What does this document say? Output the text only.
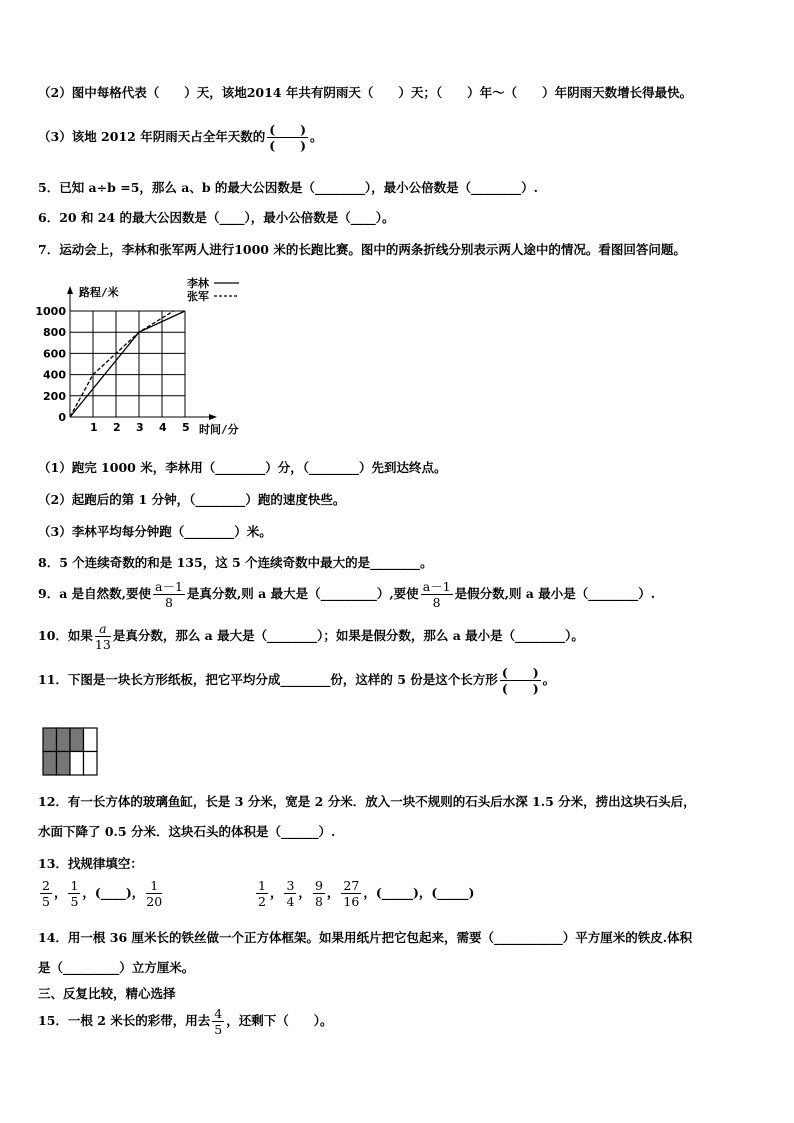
（2）图中每格代表（　　）天，该地2014 年共有阴雨天（　　）天；（　　）年～（　　）年阴雨天数增长得最快。
（3）该地 2012 年阴雨天占全年天数的 $\frac{( )}{( )}$ 。
5．已知 a÷b =5，那么 a、b 的最大公因数是（________），最小公倍数是（________）.
6．20 和 24 的最大公因数是（____），最小公倍数是（____）。
7．运动会上，李林和张军两人进行1000 米的长跑比赛。图中的两条折线分别表示两人途中的情况。看图回答问题。
1 2 3 4 5
0
200
400
600
800
1000
李林
张军
路程/米
时间/分
（1）跑完 1000 米，李林用（________）分，（________）先到达终点。
（2）起跑后的第 1 分钟，（________）跑的速度快些。
（3）李林平均每分钟跑（________）米。
8．5 个连续奇数的和是 135，这 5 个连续奇数中最大的是________。
9．a 是自然数,要使 $\frac{a-1}{8}$ 是真分数,则 a 最大是（_________）,要使 $\frac{a-1}{8}$ 是假分数,则 a 最小是（________）.
10．如果 $\frac{a}{13}$ 是真分数，那么 a 最大是（________）；如果是假分数，那么 a 最小是（________）。
11．下图是一块长方形纸板，把它平均分成________份，这样的 5 份是这个长方形 $\frac{( )}{( )}$ 。
12．有一长方体的玻璃鱼缸，长是 3 分米，宽是 2 分米．放入一块不规则的石头后水深 1.5 分米，捞出这块石头后，
水面下降了 0.5 分米．这块石头的体积是（______）.
13．找规律填空：
$\frac{2}{5}$ ， $\frac{1}{5}$ ，(____)， $\frac{1}{20}$	$\frac{1}{2}$ ， $\frac{3}{4}$ ， $\frac{9}{8}$ ， $\frac{27}{16}$ ，(_____)，(_____)
14．用一根 36 厘米长的铁丝做一个正方体框架。如果用纸片把它包起来，需要（___________）平方厘米的铁皮.体积
是（_________）立方厘米。
三、反复比较，精心选择
15．一根 2 米长的彩带，用去 $\frac{4}{5}$ ，还剩下（　　）。
